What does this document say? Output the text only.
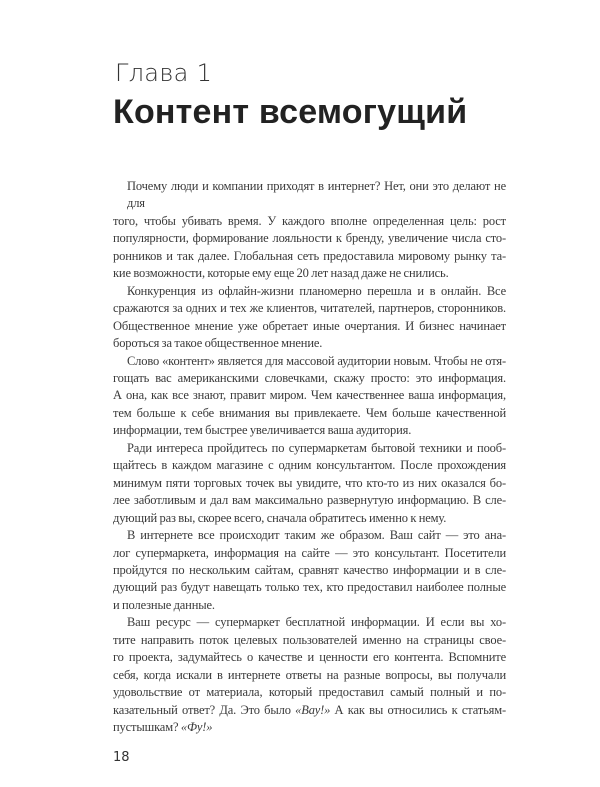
Глава 1
Контент всемогущий
Почему люди и компании приходят в интернет? Нет, они это делают не для
того, чтобы убивать время. У каждого вполне определенная цель: рост
популярности, формирование лояльности к бренду, увеличение числа сто-
ронников и так далее. Глобальная сеть предоставила мировому рынку та-
кие возможности, которые ему еще 20 лет назад даже не снились.
Конкуренция из офлайн-жизни планомерно перешла и в онлайн. Все
сражаются за одних и тех же клиентов, читателей, партнеров, сторонников.
Общественное мнение уже обретает иные очертания. И бизнес начинает
бороться за такое общественное мнение.
Слово «контент» является для массовой аудитории новым. Чтобы не отя-
гощать вас американскими словечками, скажу просто: это информация.
А она, как все знают, правит миром. Чем качественнее ваша информация,
тем больше к себе внимания вы привлекаете. Чем больше качественной
информации, тем быстрее увеличивается ваша аудитория.
Ради интереса пройдитесь по супермаркетам бытовой техники и пооб-
щайтесь в каждом магазине с одним консультантом. После прохождения
минимум пяти торговых точек вы увидите, что кто-то из них оказался бо-
лее заботливым и дал вам максимально развернутую информацию. В сле-
дующий раз вы, скорее всего, сначала обратитесь именно к нему.
В интернете все происходит таким же образом. Ваш сайт — это ана-
лог супермаркета, информация на сайте — это консультант. Посетители
пройдутся по нескольким сайтам, сравнят качество информации и в сле-
дующий раз будут навещать только тех, кто предоставил наиболее полные
и полезные данные.
Ваш ресурс — супермаркет бесплатной информации. И если вы хо-
тите направить поток целевых пользователей именно на страницы свое-
го проекта, задумайтесь о качестве и ценности его контента. Вспомните
себя, когда искали в интернете ответы на разные вопросы, вы получали
удовольствие от материала, который предоставил самый полный и по-
казательный ответ? Да. Это было «Вау!» А как вы относились к статьям-
пустышкам? «Фу!»
18
